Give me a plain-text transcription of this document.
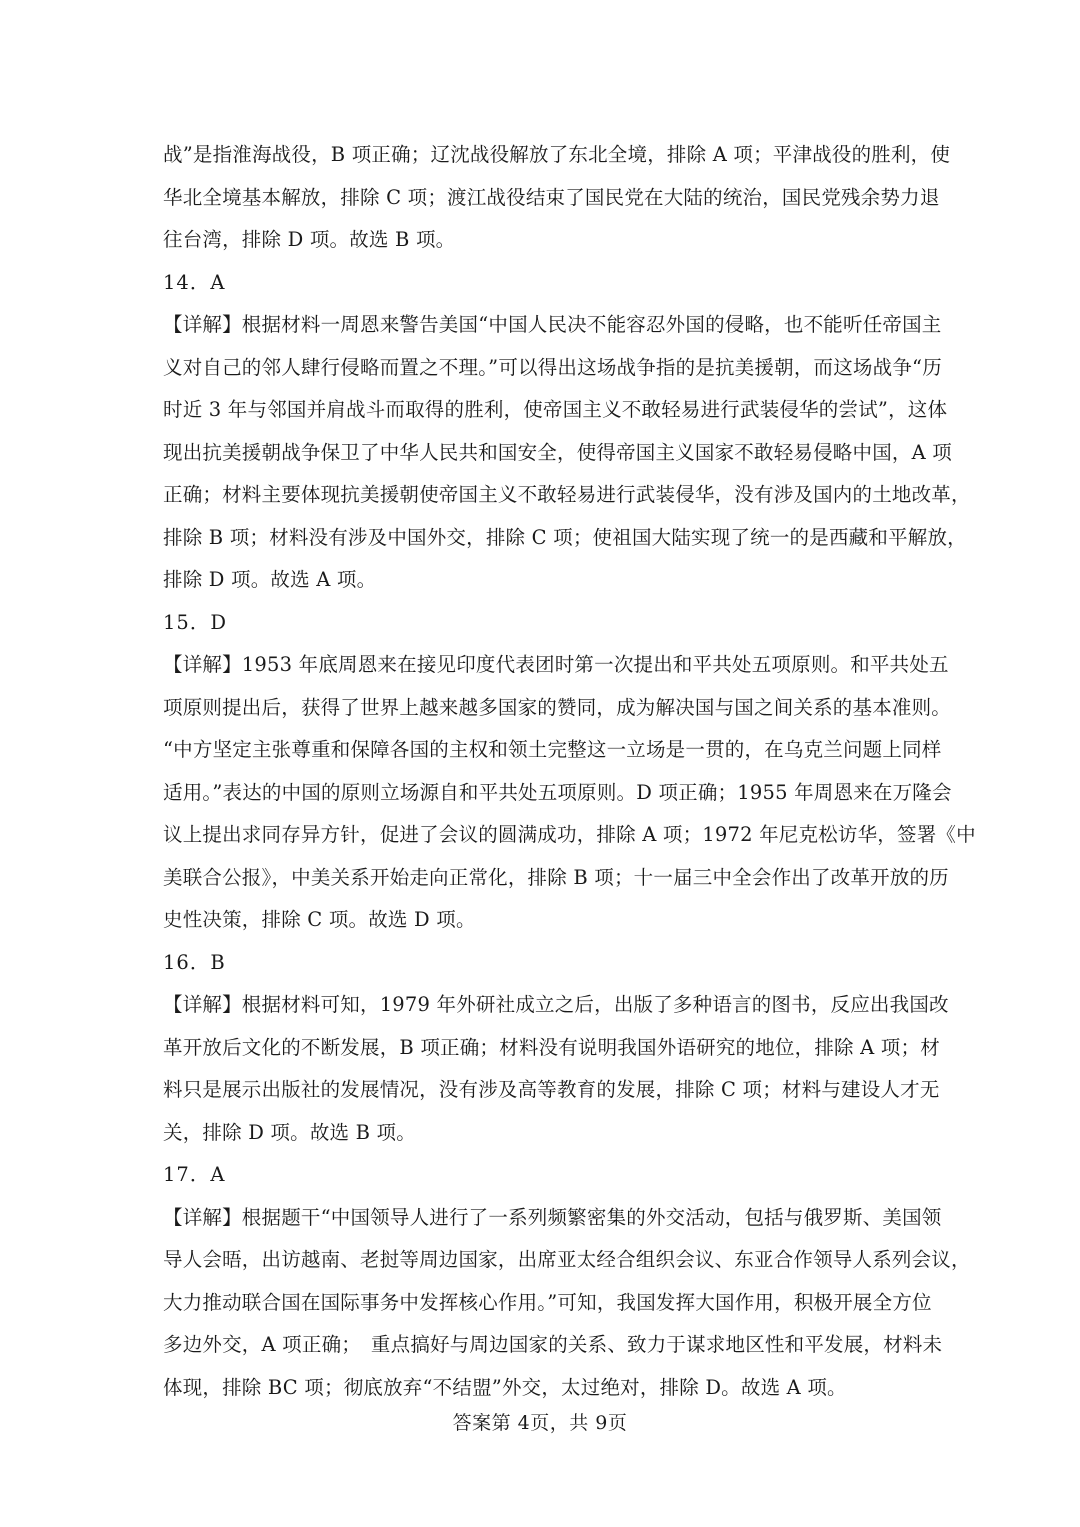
战”是指淮海战役，B 项正确；辽沈战役解放了东北全境，排除 A 项；平津战役的胜利，使
华北全境基本解放，排除 C 项；渡江战役结束了国民党在大陆的统治，国民党残余势力退
往台湾，排除 D 项。故选 B 项。
14．A
【详解】根据材料一周恩来警告美国“中国人民决不能容忍外国的侵略，也不能听任帝国主
义对自己的邻人肆行侵略而置之不理。”可以得出这场战争指的是抗美援朝，而这场战争“历
时近 3 年与邻国并肩战斗而取得的胜利，使帝国主义不敢轻易进行武装侵华的尝试”，这体
现出抗美援朝战争保卫了中华人民共和国安全，使得帝国主义国家不敢轻易侵略中国，A 项
正确；材料主要体现抗美援朝使帝国主义不敢轻易进行武装侵华，没有涉及国内的土地改革，
排除 B 项；材料没有涉及中国外交，排除 C 项；使祖国大陆实现了统一的是西藏和平解放，
排除 D 项。故选 A 项。
15．D
【详解】1953 年底周恩来在接见印度代表团时第一次提出和平共处五项原则。和平共处五
项原则提出后，获得了世界上越来越多国家的赞同，成为解决国与国之间关系的基本准则。
“中方坚定主张尊重和保障各国的主权和领土完整这一立场是一贯的，在乌克兰问题上同样
适用。”表达的中国的原则立场源自和平共处五项原则。D 项正确；1955 年周恩来在万隆会
议上提出求同存异方针，促进了会议的圆满成功，排除 A 项；1972 年尼克松访华，签署《中
美联合公报》，中美关系开始走向正常化，排除 B 项；十一届三中全会作出了改革开放的历
史性决策，排除 C 项。故选 D 项。
16．B
【详解】根据材料可知，1979 年外研社成立之后，出版了多种语言的图书，反应出我国改
革开放后文化的不断发展，B 项正确；材料没有说明我国外语研究的地位，排除 A 项；材
料只是展示出版社的发展情况，没有涉及高等教育的发展，排除 C 项；材料与建设人才无
关，排除 D 项。故选 B 项。
17．A
【详解】根据题干“中国领导人进行了一系列频繁密集的外交活动，包括与俄罗斯、美国领
导人会晤，出访越南、老挝等周边国家，出席亚太经合组织会议、东亚合作领导人系列会议，
大力推动联合国在国际事务中发挥核心作用。”可知，我国发挥大国作用，积极开展全方位
多边外交，A 项正确；　重点搞好与周边国家的关系、致力于谋求地区性和平发展，材料未
体现，排除 BC 项；彻底放弃“不结盟”外交，太过绝对，排除 D。故选 A 项。
答案第 4页，共 9页
